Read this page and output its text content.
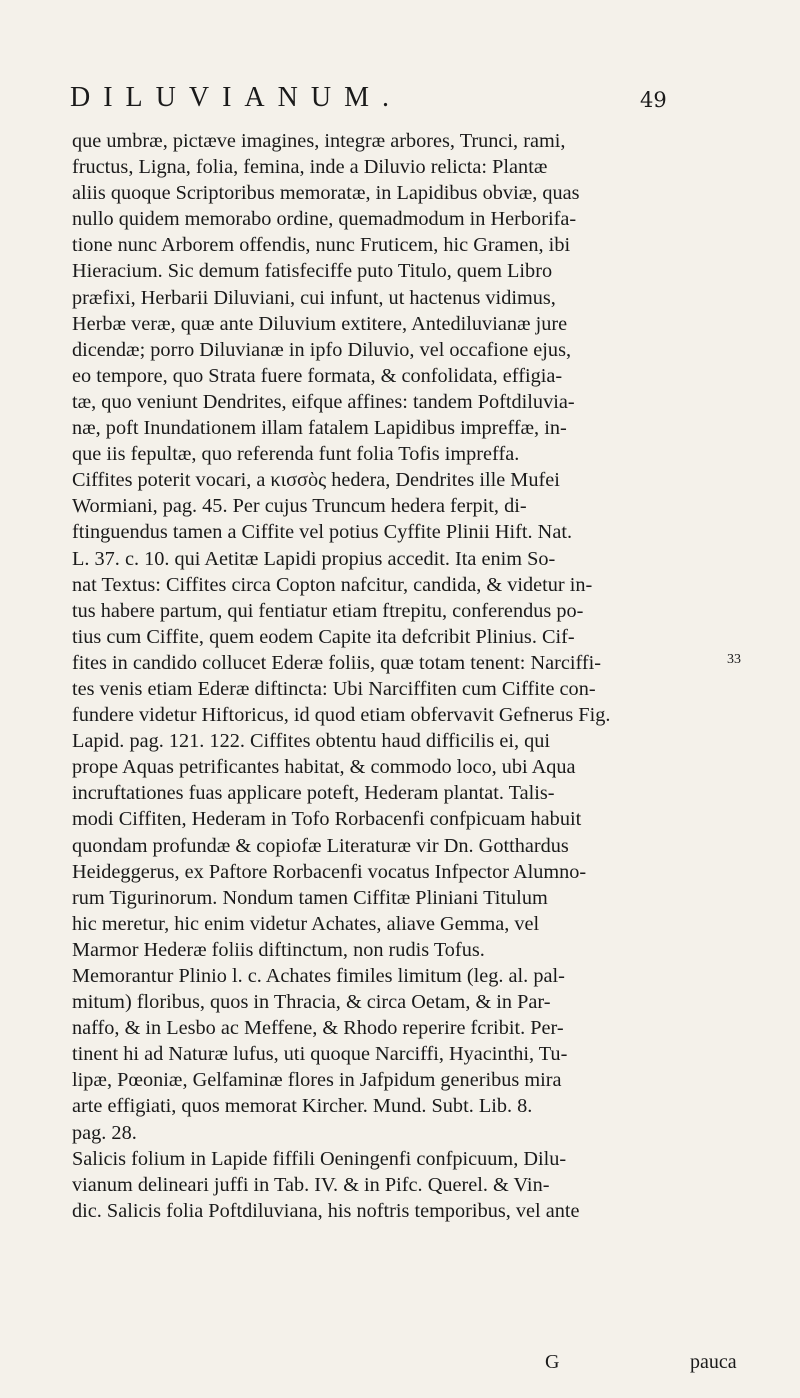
DILUVIANUM.	49
que umbræ, pictæve imagines, integræ arbores, Trunci, rami,
fructus, Ligna, folia, femina, inde a Diluvio relicta: Plantæ
aliis quoque Scriptoribus memoratæ, in Lapidibus obviæ, quas
nullo quidem memorabo ordine, quemadmodum in Herborifa-
tione nunc Arborem offendis, nunc Fruticem, hic Gramen, ibi
Hieracium. Sic demum fatisfeciffe puto Titulo, quem Libro
præfixi, Herbarii Diluviani, cui infunt, ut hactenus vidimus,
Herbæ veræ, quæ ante Diluvium extitere, Antediluvianæ jure
dicendæ; porro Diluvianæ in ipfo Diluvio, vel occafione ejus,
eo tempore, quo Strata fuere formata, & confolidata, effigia-
tæ, quo veniunt Dendrites, eifque affines: tandem Poftdiluvia-
næ, poft Inundationem illam fatalem Lapidibus impreffæ, in-
que iis fepultæ, quo referenda funt folia Tofis impreffa.
Ciffites poterit vocari, a κισσὸς hedera, Dendrites ille Mufei
Wormiani, pag. 45. Per cujus Truncum hedera ferpit, di-
ftinguendus tamen a Ciffite vel potius Cyffite Plinii Hift. Nat.
L. 37. c. 10. qui Aetitæ Lapidi propius accedit. Ita enim So-
nat Textus: Ciffites circa Copton nafcitur, candida, & videtur in-
tus habere partum, qui fentiatur etiam ftrepitu, conferendus po-
tius cum Ciffite, quem eodem Capite ita defcribit Plinius. Cif-
fites in candido collucet Ederæ foliis, quæ totam tenent: Narciffi-
tes venis etiam Ederæ diftincta: Ubi Narciffiten cum Ciffite con-
fundere videtur Hiftoricus, id quod etiam obfervavit Gefnerus Fig.
Lapid. pag. 121. 122. Ciffites obtentu haud difficilis ei, qui
prope Aquas petrificantes habitat, & commodo loco, ubi Aqua
incruftationes fuas applicare poteft, Hederam plantat. Talis-
modi Ciffiten, Hederam in Tofo Rorbacenfi confpicuam habuit
quondam profundæ & copiofæ Literaturæ vir Dn. Gotthardus
Heideggerus, ex Paftore Rorbacenfi vocatus Infpector Alumno-
rum Tigurinorum. Nondum tamen Ciffitæ Pliniani Titulum
hic meretur, hic enim videtur Achates, aliave Gemma, vel
Marmor Hederæ foliis diftinctum, non rudis Tofus.
Memorantur Plinio l. c. Achates fimiles limitum (leg. al. pal-
mitum) floribus, quos in Thracia, & circa Oetam, & in Par-
naffo, & in Lesbo ac Meffene, & Rhodo reperire fcribit. Per-
tinent hi ad Naturæ lufus, uti quoque Narciffi, Hyacinthi, Tu-
lipæ, Pœoniæ, Gelfaminæ flores in Jafpidum generibus mira
arte effigiati, quos memorat Kircher. Mund. Subt. Lib. 8.
pag. 28.
Salicis folium in Lapide fiffili Oeningenfi confpicuum, Dilu-
vianum delineari juffi in Tab. IV. & in Pifc. Querel. & Vin-
dic. Salicis folia Poftdiluviana, his noftris temporibus, vel ante
33
G	pauca
